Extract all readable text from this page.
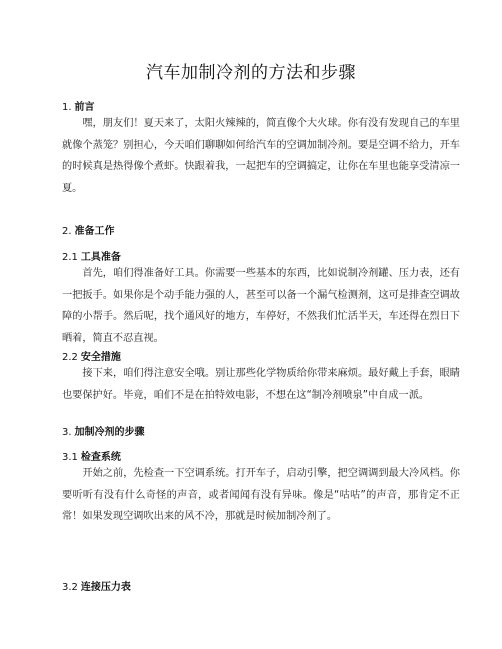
汽车加制冷剂的方法和步骤
1. 前言
嘿，朋友们！夏天来了，太阳火辣辣的，简直像个大火球。你有没有发现自己的车里就像个蒸笼？别担心，今天咱们聊聊如何给汽车的空调加制冷剂。要是空调不给力，开车的时候真是热得像个煮虾。快跟着我，一起把车的空调搞定，让你在车里也能享受清凉一夏。
2. 准备工作
2.1 工具准备
首先，咱们得准备好工具。你需要一些基本的东西，比如说制冷剂罐、压力表，还有一把扳手。如果你是个动手能力强的人，甚至可以备一个漏气检测剂，这可是排查空调故障的小帮手。然后呢，找个通风好的地方，车停好，不然我们忙活半天，车还得在烈日下晒着，简直不忍直视。
2.2 安全措施
接下来，咱们得注意安全哦。别让那些化学物质给你带来麻烦。最好戴上手套，眼睛也要保护好。毕竟，咱们不是在拍特效电影，不想在这“制冷剂喷泉”中自成一派。
3. 加制冷剂的步骤
3.1 检查系统
开始之前，先检查一下空调系统。打开车子，启动引擎，把空调调到最大冷风档。你要听听有没有什么奇怪的声音，或者闻闻有没有异味。像是“咕咕”的声音，那肯定不正常！如果发现空调吹出来的风不冷，那就是时候加制冷剂了。
3.2 连接压力表
